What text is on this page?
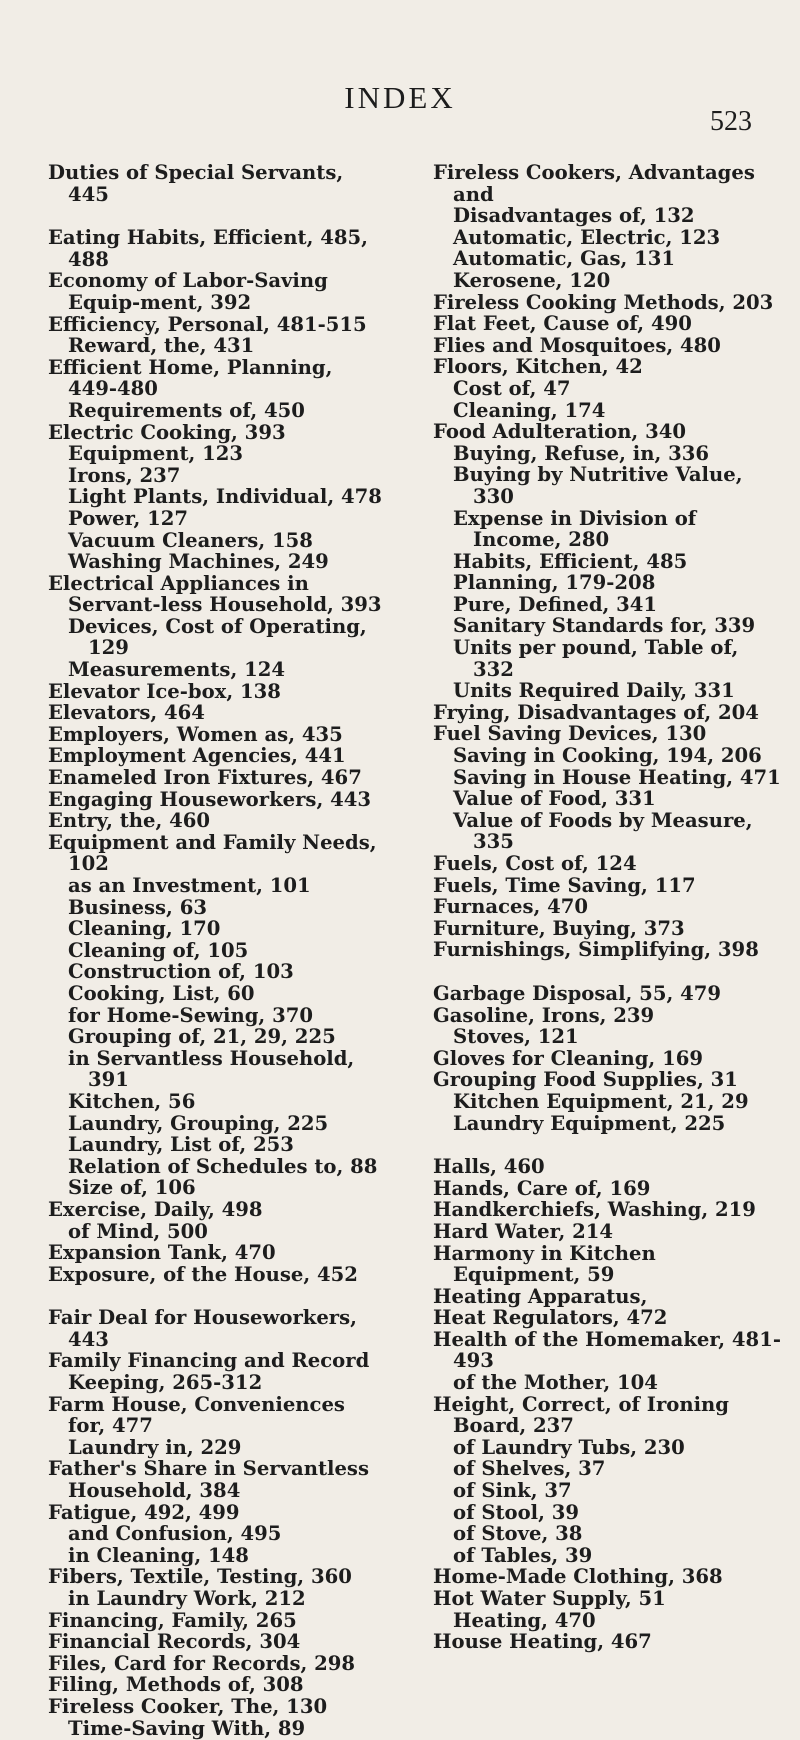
INDEX
523

Duties of Special Servants, 445

Eating Habits, Efficient, 485, 488

Economy of Labor-Saving Equip-ment, 392

Efficiency, Personal, 481-515

Reward, the, 431

Efficient Home, Planning, 449-480

Requirements of, 450

Electric Cooking, 393

Equipment, 123

Irons, 237

Light Plants, Individual, 478

Power, 127

Vacuum Cleaners, 158

Washing Machines, 249

Electrical Appliances in Servant-less Household, 393

Devices, Cost of Operating, 129

Measurements, 124

Elevator Ice-box, 138

Elevators, 464

Employers, Women as, 435

Employment Agencies, 441

Enameled Iron Fixtures, 467

Engaging Houseworkers, 443

Entry, the, 460

Equipment and Family Needs, 102

as an Investment, 101

Business, 63

Cleaning, 170

Cleaning of, 105

Construction of, 103

Cooking, List, 60

for Home-Sewing, 370

Grouping of, 21, 29, 225

in Servantless Household, 391

Kitchen, 56

Laundry, Grouping, 225

Laundry, List of, 253

Relation of Schedules to, 88

Size of, 106

Exercise, Daily, 498

of Mind, 500

Expansion Tank, 470

Exposure, of the House, 452

Fair Deal for Houseworkers, 443

Family Financing and Record Keeping, 265-312

Farm House, Conveniences for, 477

Laundry in, 229

Father's Share in Servantless Household, 384

Fatigue, 492, 499

and Confusion, 495

in Cleaning, 148

Fibers, Textile, Testing, 360

in Laundry Work, 212

Financing, Family, 265

Financial Records, 304

Files, Card for Records, 298

Filing, Methods of, 308

Fireless Cooker, The, 130

Time-Saving With, 89

Fireless Cookers, Advantages and

Disadvantages of, 132

Automatic, Electric, 123

Automatic, Gas, 131

Kerosene, 120

Fireless Cooking Methods, 203

Flat Feet, Cause of, 490

Flies and Mosquitoes, 480

Floors, Kitchen, 42

Cost of, 47

Cleaning, 174

Food Adulteration, 340

Buying, Refuse, in, 336

Buying by Nutritive Value, 330

Expense in Division of Income, 280

Habits, Efficient, 485

Planning, 179-208

Pure, Defined, 341

Sanitary Standards for, 339

Units per pound, Table of, 332

Units Required Daily, 331

Frying, Disadvantages of, 204

Fuel Saving Devices, 130

Saving in Cooking, 194, 206

Saving in House Heating, 471

Value of Food, 331

Value of Foods by Measure, 335

Fuels, Cost of, 124

Fuels, Time Saving, 117

Furnaces, 470

Furniture, Buying, 373

Furnishings, Simplifying, 398

Garbage Disposal, 55, 479

Gasoline, Irons, 239

Stoves, 121

Gloves for Cleaning, 169

Grouping Food Supplies, 31

Kitchen Equipment, 21, 29

Laundry Equipment, 225

Halls, 460

Hands, Care of, 169

Handkerchiefs, Washing, 219

Hard Water, 214

Harmony in Kitchen Equipment, 59

Heating Apparatus,

Heat Regulators, 472

Health of the Homemaker, 481-493

of the Mother, 104

Height, Correct, of Ironing Board, 237

of Laundry Tubs, 230

of Shelves, 37

of Sink, 37

of Stool, 39

of Stove, 38

of Tables, 39

Home-Made Clothing, 368

Hot Water Supply, 51

Heating, 470

House Heating, 467
